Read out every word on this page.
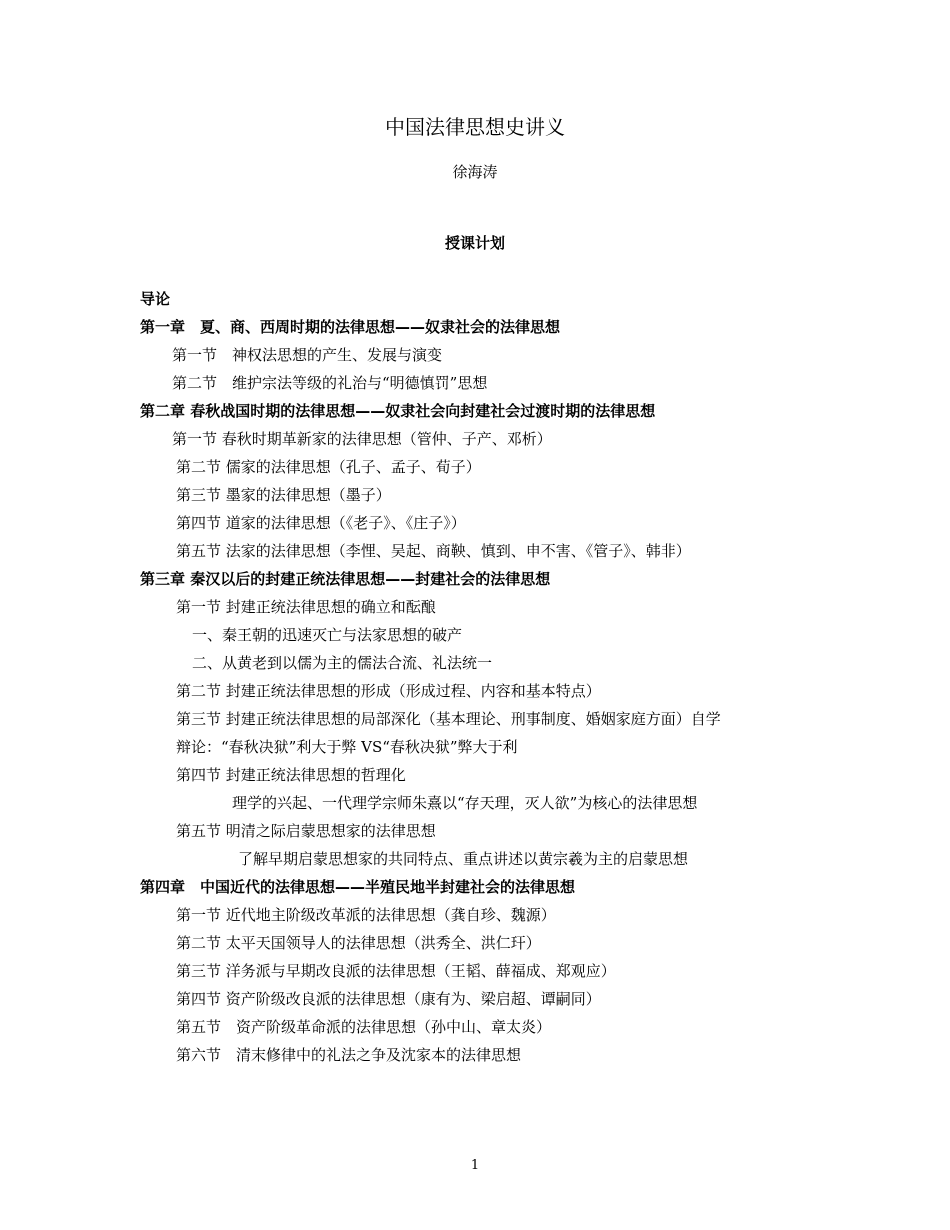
中国法律思想史讲义
徐海涛
授课计划
导论
第一章　夏、商、西周时期的法律思想——奴隶社会的法律思想
第一节　神权法思想的产生、发展与演变
第二节　维护宗法等级的礼治与“明德慎罚”思想
第二章 春秋战国时期的法律思想——奴隶社会向封建社会过渡时期的法律思想
第一节 春秋时期革新家的法律思想（管仲、子产、邓析）
第二节 儒家的法律思想（孔子、孟子、荀子）
第三节 墨家的法律思想（墨子）
第四节 道家的法律思想（《老子》、《庄子》）
第五节 法家的法律思想（李悝、吴起、商鞅、慎到、申不害、《管子》、韩非）
第三章 秦汉以后的封建正统法律思想——封建社会的法律思想
第一节 封建正统法律思想的确立和酝酿
一、秦王朝的迅速灭亡与法家思想的破产
二、从黄老到以儒为主的儒法合流、礼法统一
第二节 封建正统法律思想的形成（形成过程、内容和基本特点）
第三节 封建正统法律思想的局部深化（基本理论、刑事制度、婚姻家庭方面）自学
辩论：“春秋决狱”利大于弊 VS“春秋决狱”弊大于利
第四节 封建正统法律思想的哲理化
理学的兴起、一代理学宗师朱熹以“存天理，灭人欲”为核心的法律思想
第五节 明清之际启蒙思想家的法律思想
了解早期启蒙思想家的共同特点、重点讲述以黄宗羲为主的启蒙思想
第四章　中国近代的法律思想——半殖民地半封建社会的法律思想
第一节 近代地主阶级改革派的法律思想（龚自珍、魏源）
第二节 太平天国领导人的法律思想（洪秀全、洪仁玕）
第三节 洋务派与早期改良派的法律思想（王韬、薛福成、郑观应）
第四节 资产阶级改良派的法律思想（康有为、梁启超、谭嗣同）
第五节　资产阶级革命派的法律思想（孙中山、章太炎）
第六节　清末修律中的礼法之争及沈家本的法律思想
1
